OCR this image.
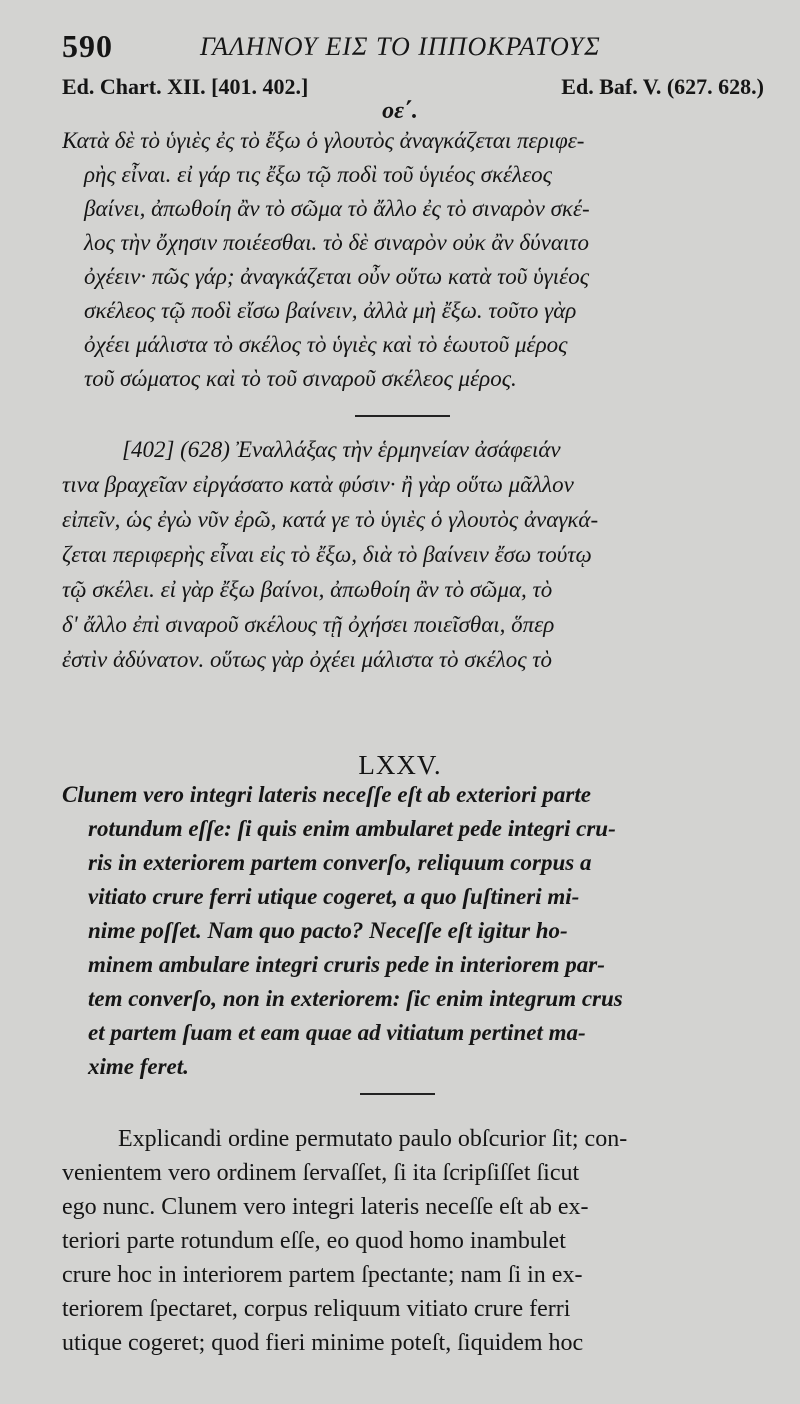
590	ΓΑΛΗΝΟΥ ΕΙΣ ΤΟ ΙΠΠΟΚΡΑΤΟΥΣ
Ed. Chart. XII. [401. 402.]	Ed. Baf. V. (627. 628.)
οε΄.
Κατὰ δὲ τὸ ὑγιὲς ἐς τὸ ἔξω ὁ γλουτὸς ἀναγκάζεται περιφε-
ρὴς εἶναι. εἰ γάρ τις ἔξω τῷ ποδὶ τοῦ ὑγιέος σκέλεος
βαίνει, ἀπωθοίη ἂν τὸ σῶμα τὸ ἄλλο ἐς τὸ σιναρὸν σκέ-
λος τὴν ὄχησιν ποιέεσθαι. τὸ δὲ σιναρὸν οὐκ ἂν δύναιτο
ὀχέειν· πῶς γάρ; ἀναγκάζεται οὖν οὕτω κατὰ τοῦ ὑγιέος
σκέλεος τῷ ποδὶ εἴσω βαίνειν, ἀλλὰ μὴ ἔξω. τοῦτο γὰρ
ὀχέει μάλιστα τὸ σκέλος τὸ ὑγιὲς καὶ τὸ ἑωυτοῦ μέρος
τοῦ σώματος καὶ τὸ τοῦ σιναροῦ σκέλεος μέρος.
[402] (628) Ἐναλλάξας τὴν ἑρμηνείαν ἀσάφειάν
τινα βραχεῖαν εἰργάσατο κατὰ φύσιν· ἢ γὰρ οὕτω μᾶλλον
εἰπεῖν, ὡς ἐγὼ νῦν ἐρῶ, κατά γε τὸ ὑγιὲς ὁ γλουτὸς ἀναγκά-
ζεται περιφερὴς εἶναι εἰς τὸ ἔξω, διὰ τὸ βαίνειν ἔσω τούτῳ
τῷ σκέλει. εἰ γὰρ ἔξω βαίνοι, ἀπωθοίη ἂν τὸ σῶμα, τὸ
δ' ἄλλο ἐπὶ σιναροῦ σκέλους τῇ ὀχήσει ποιεῖσθαι, ὅπερ
ἐστὶν ἀδύνατον. οὕτως γὰρ ὀχέει μάλιστα τὸ σκέλος τὸ
LXXV.
Clunem vero integri lateris neceſſe eſt ab exteriori parte
rotundum eſſe: ſi quis enim ambularet pede integri cru-
ris in exteriorem partem converſo, reliquum corpus a
vitiato crure ferri utique cogeret, a quo ſuſtineri mi-
nime poſſet. Nam quo pacto? Neceſſe eſt igitur ho-
minem ambulare integri cruris pede in interiorem par-
tem converſo, non in exteriorem: ſic enim integrum crus
et partem ſuam et eam quae ad vitiatum pertinet ma-
xime feret.
Explicandi ordine permutato paulo obſcurior ſit; con-
venientem vero ordinem ſervaſſet, ſi ita ſcripſiſſet ſicut
ego nunc. Clunem vero integri lateris neceſſe eſt ab ex-
teriori parte rotundum eſſe, eo quod homo inambulet
crure hoc in interiorem partem ſpectante; nam ſi in ex-
teriorem ſpectaret, corpus reliquum vitiato crure ferri
utique cogeret; quod fieri minime poteſt, ſiquidem hoc
